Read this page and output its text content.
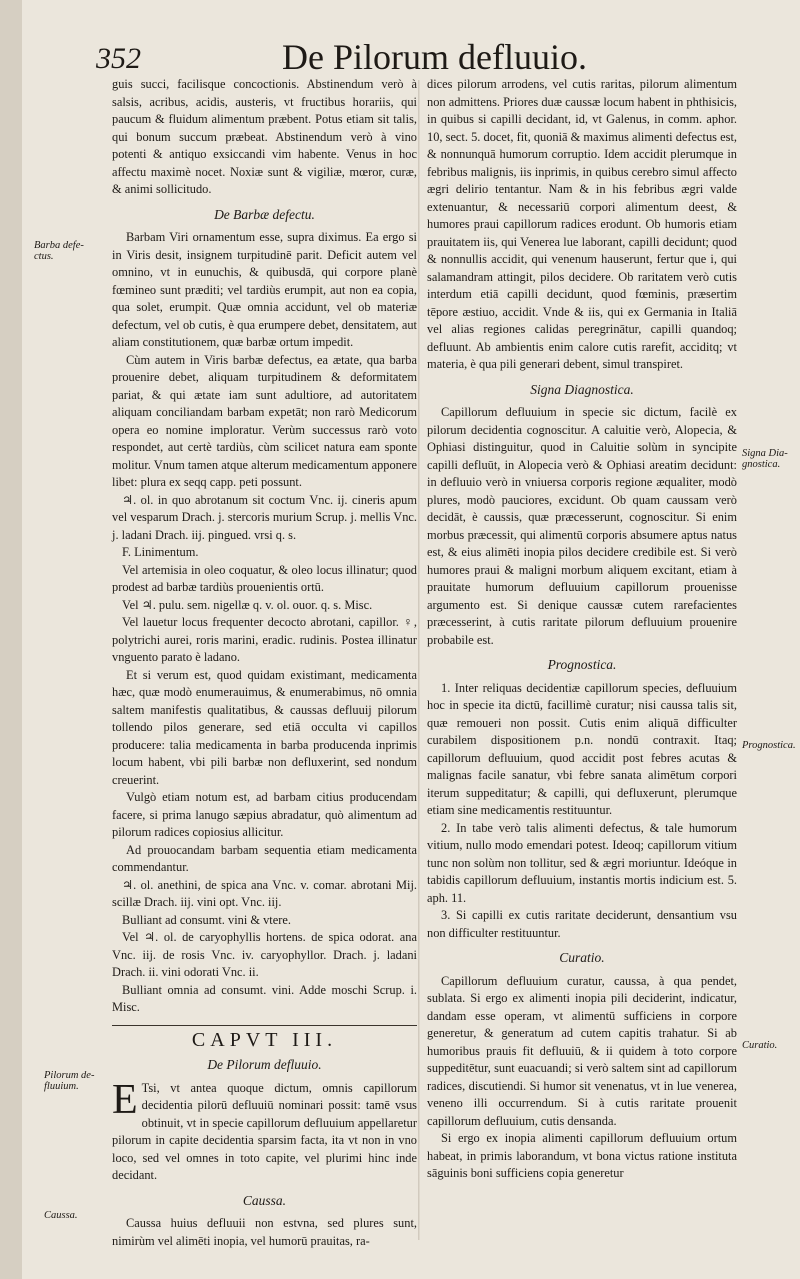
352	De Pilorum defluuio.
Barba defe-ctus.
Pilorum de-fluuium.
Caussa.
Signa Dia-gnostica.
Prognostica.
Curatio.

guis succi, facilisque concoctionis. Abstinendum verò à salsis, acribus, acidis, austeris, vt fructibus horariis, qui paucum & fluidum alimentum præbent. Potus etiam sit talis, qui bonum succum præbeat. Abstinendum verò à vino potenti & antiquo exsiccandi vim habente. Venus in hoc affectu maximè nocet. Noxiæ sunt & vigiliæ, mœror, curæ, & animi sollicitudo.

De Barbæ defectu.

Barbam Viri ornamentum esse, supra diximus. Ea ergo si in Viris desit, insignem turpitudinē parit. Deficit autem vel omnino, vt in eunuchis, & quibusdā, qui corpore planè fœmineo sunt præditi; vel tardiùs erumpit, aut non ea copia, qua solet, erumpit. Quæ omnia accidunt, vel ob materiæ defectum, vel ob cutis, è qua erumpere debet, densitatem, aut aliam constitutionem, quæ barbæ ortum impedit.

Cùm autem in Viris barbæ defectus, ea ætate, qua barba prouenire debet, aliquam turpitudinem & deformitatem pariat, & qui ætate iam sunt adultiore, ad autoritatem aliquam conciliandam barbam expetāt; non rarò Medicorum opera eo nomine imploratur. Verùm successus rarò voto respondet, aut certè tardiùs, cùm scilicet natura eam sponte molitur. Vnum tamen atque alterum medicamentum apponere libet: plura ex seqq capp. peti possunt.

♃. ol. in quo abrotanum sit coctum Vnc. ij. cineris apum vel vesparum Drach. j. stercoris murium Scrup. j. mellis Vnc. j. ladani Drach. iij. pingued. vrsi q. s.

F. Linimentum.

Vel artemisia in oleo coquatur, & oleo locus illinatur; quod prodest ad barbæ tardiùs prouenientis ortū.

Vel ♃. pulu. sem. nigellæ q. v. ol. ouor. q. s. Misc.

Vel lauetur locus frequenter decocto abrotani, capillor. ♀, polytrichi aurei, roris marini, eradic. rudinis. Postea illinatur vnguento parato è ladano.

Et si verum est, quod quidam existimant, medicamenta hæc, quæ modò enumerauimus, & enumerabimus, nō omnia saltem manifestis qualitatibus, & caussas defluuij pilorum tollendo pilos generare, sed etiā occulta vi capillos producere: talia medicamenta in barba producenda inprimis locum habent, vbi pili barbæ non defluxerint, sed nondum creuerint.

Vulgò etiam notum est, ad barbam citius producendam facere, si prima lanugo sæpius abradatur, quò alimentum ad pilorum radices copiosius allicitur.

Ad prouocandam barbam sequentia etiam medicamenta commendantur.

♃. ol. anethini, de spica ana Vnc. v. comar. abrotani Mij. scillæ Drach. iij. vini opt. Vnc. iij.

Bulliant ad consumt. vini & vtere.

Vel ♃. ol. de caryophyllis hortens. de spica odorat. ana Vnc. iij. de rosis Vnc. iv. caryophyllor. Drach. j. ladani Drach. ii. vini odorati Vnc. ii.

Bulliant omnia ad consumt. vini. Adde moschi Scrup. i. Misc.

CAPVT III.
De Pilorum defluuio.

E Tsi, vt antea quoque dictum, omnis capillorum decidentia pilorū defluuiū nominari possit: tamē vsus obtinuit, vt in specie capillorum defluuium appellaretur pilorum in capite decidentia sparsim facta, ita vt non in vno loco, sed vel omnes in toto capite, vel plurimi hinc inde decidant.

Caussa.

Caussa huius defluuii non estvna, sed plures sunt, nimirùm vel alimēti inopia, vel humorū prauitas, ra-

dices pilorum arrodens, vel cutis raritas, pilorum alimentum non admittens. Priores duæ caussæ locum habent in phthisicis, in quibus si capilli decidant, id, vt Galenus, in comm. aphor. 10, sect. 5. docet, fit, quoniā & maximus alimenti defectus est, & nonnunquā humorum corruptio. Idem accidit plerumque in febribus malignis, iis inprimis, in quibus cerebro simul affecto ægri delirio tentantur. Nam & in his febribus ægri valde extenuantur, & necessariū corpori alimentum deest, & humores praui capillorum radices erodunt. Ob humoris etiam prauitatem iis, qui Venerea lue laborant, capilli decidunt; quod & nonnullis accidit, qui venenum hauserunt, fertur que i, qui salamandram attingit, pilos decidere. Ob raritatem verò cutis interdum etiā capilli decidunt, quod fœminis, præsertim tēpore æstiuo, accidit. Vnde & iis, qui ex Germania in Italiā vel alias regiones calidas peregrinātur, capilli quandoq; defluunt. Ab ambientis enim calore cutis rarefit, acciditq; vt materia, è qua pili generari debent, simul transpiret.

Signa Diagnostica.

Capillorum defluuium in specie sic dictum, facilè ex pilorum decidentia cognoscitur. A caluitie verò, Alopecia, & Ophiasi distinguitur, quod in Caluitie solùm in syncipite capilli defluūt, in Alopecia verò & Ophiasi areatim decidunt: in defluuio verò in vniuersa corporis regione æqualiter, modò plures, modò pauciores, excidunt. Ob quam caussam verò decidāt, è caussis, quæ præcesserunt, cognoscitur. Si enim morbus præcessit, qui alimentū corporis absumere aptus natus est, & eius alimēti inopia pilos decidere credibile est. Si verò humores praui & maligni morbum aliquem excitant, etiam à prauitate humorum defluuium capillorum prouenisse argumento est. Si denique caussæ cutem rarefacientes præcesserint, à cutis raritate pilorum defluuium prouenire probabile est.

Prognostica.

1. Inter reliquas decidentiæ capillorum species, defluuium hoc in specie ita dictū, facillimè curatur; nisi caussa talis sit, quæ remoueri non possit. Cutis enim aliquā difficulter curabilem dispositionem p.n. nondū contraxit. Itaq; capillorum defluuium, quod accidit post febres acutas & malignas facile sanatur, vbi febre sanata alimētum corpori iterum suppeditatur; & capilli, qui defluxerunt, plerumque etiam sine medicamentis restituuntur.

2. In tabe verò talis alimenti defectus, & tale humorum vitium, nullo modo emendari potest. Ideoq; capillorum vitium tunc non solùm non tollitur, sed & ægri moriuntur. Ideóque in tabidis capillorum defluuium, instantis mortis indicium est. 5. aph. 11.

3. Si capilli ex cutis raritate deciderunt, densantium vsu non difficulter restituuntur.

Curatio.

Capillorum defluuium curatur, caussa, à qua pendet, sublata. Si ergo ex alimenti inopia pili deciderint, indicatur, dandam esse operam, vt alimentū sufficiens in corpore generetur, & generatum ad cutem capitis trahatur. Si ab humoribus prauis fit defluuiū, & ii quidem à toto corpore suppeditētur, sunt euacuandi; si verò saltem sint ad capillorum radices, discutiendi. Si humor sit venenatus, vt in lue venerea, veneno illi occurrendum. Si à cutis raritate prouenit capillorum defluuium, cutis densanda.

Si ergo ex inopia alimenti capillorum defluuium ortum habeat, in primis laborandum, vt bona victus ratione instituta sāguinis boni sufficiens copia generetur
